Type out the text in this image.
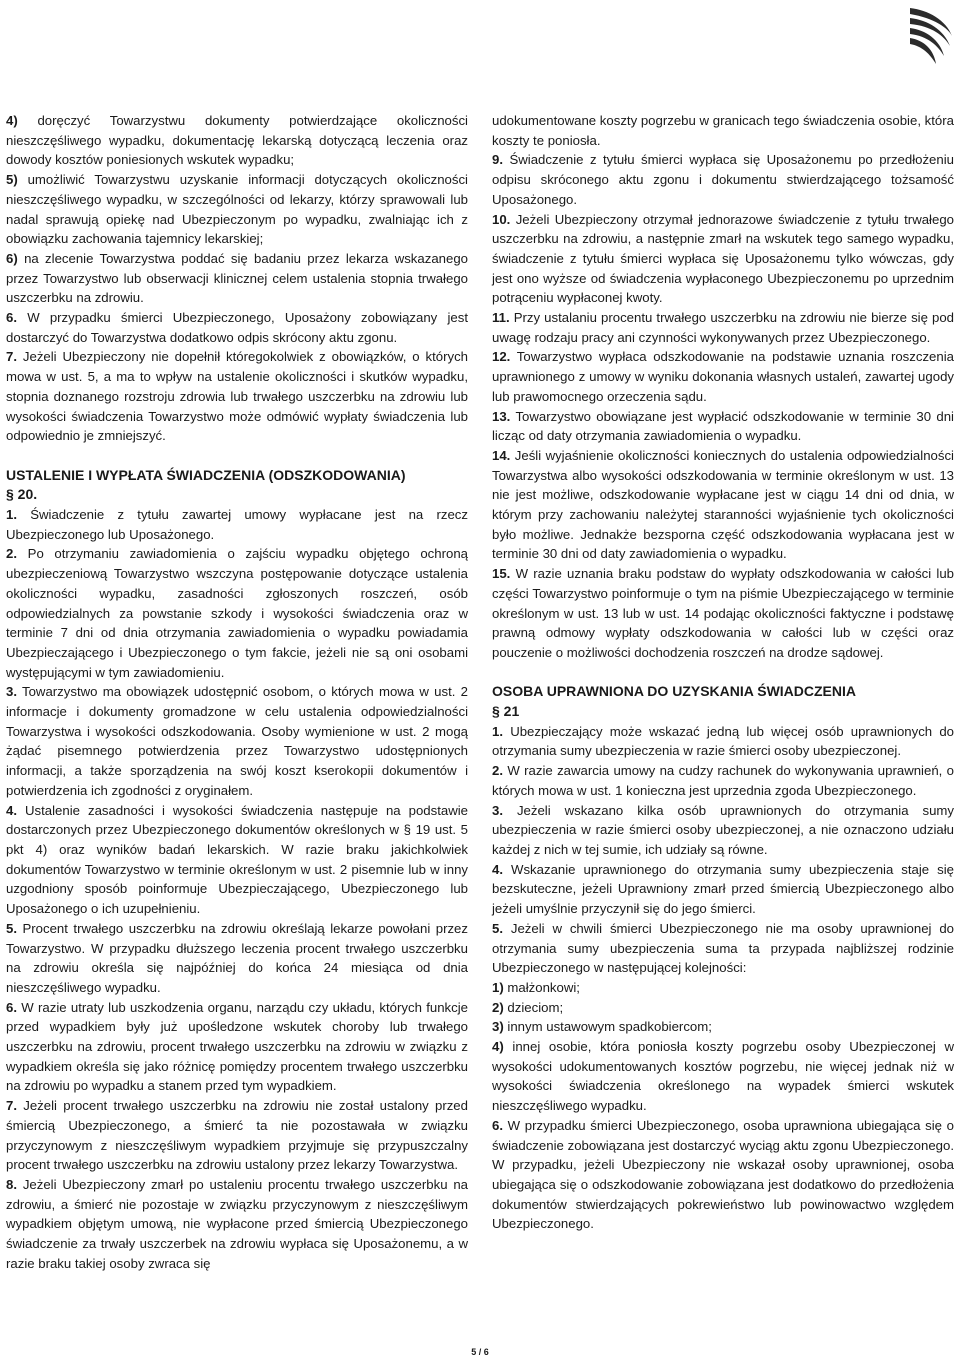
4) doręczyć Towarzystwu dokumenty potwierdzające okoliczności nieszczęśliwego wypadku, dokumentację lekarską dotyczącą leczenia oraz dowody kosztów poniesionych wskutek wypadku;

5) umożliwić Towarzystwu uzyskanie informacji dotyczących okoliczności nieszczęśliwego wypadku, w szczególności od lekarzy, którzy sprawowali lub nadal sprawują opiekę nad Ubezpieczonym po wypadku, zwalniając ich z obowiązku zachowania tajemnicy lekarskiej;

6) na zlecenie Towarzystwa poddać się badaniu przez lekarza wskazanego przez Towarzystwo lub obserwacji klinicznej celem ustalenia stopnia trwałego uszczerbku na zdrowiu.

6. W przypadku śmierci Ubezpieczonego, Uposażony zobowiązany jest dostarczyć do Towarzystwa dodatkowo odpis skrócony aktu zgonu.

7. Jeżeli Ubezpieczony nie dopełnił któregokolwiek z obowiązków, o których mowa w ust. 5, a ma to wpływ na ustalenie okoliczności i skutków wypadku, stopnia doznanego rozstroju zdrowia lub trwałego uszczerbku na zdrowiu lub wysokości świadczenia Towarzystwo może odmówić wypłaty świadczenia lub odpowiednio je zmniejszyć.

USTALENIE I WYPŁATA ŚWIADCZENIA (ODSZKODOWANIA)
§ 20.

1. Świadczenie z tytułu zawartej umowy wypłacane jest na rzecz Ubezpieczonego lub Uposażonego.

2. Po otrzymaniu zawiadomienia o zajściu wypadku objętego ochroną ubezpieczeniową Towarzystwo wszczyna postępowanie dotyczące ustalenia okoliczności wypadku, zasadności zgłoszonych roszczeń, osób odpowiedzialnych za powstanie szkody i wysokości świadczenia oraz w terminie 7 dni od dnia otrzymania zawiadomienia o wypadku powiadamia Ubezpieczającego i Ubezpieczonego o tym fakcie, jeżeli nie są oni osobami występującymi w tym zawiadomieniu.

3. Towarzystwo ma obowiązek udostępnić osobom, o których mowa w ust. 2 informacje i dokumenty gromadzone w celu ustalenia odpowiedzialności Towarzystwa i wysokości odszkodowania. Osoby wymienione w ust. 2 mogą żądać pisemnego potwierdzenia przez Towarzystwo udostępnionych informacji, a także sporządzenia na swój koszt kserokopii dokumentów i potwierdzenia ich zgodności z oryginałem.

4. Ustalenie zasadności i wysokości świadczenia następuje na podstawie dostarczonych przez Ubezpieczonego dokumentów określonych w § 19 ust. 5 pkt 4) oraz wyników badań lekarskich. W razie braku jakichkolwiek dokumentów Towarzystwo w terminie określonym w ust. 2 pisemnie lub w inny uzgodniony sposób poinformuje Ubezpieczającego, Ubezpieczonego lub Uposażonego o ich uzupełnieniu.

5. Procent trwałego uszczerbku na zdrowiu określają lekarze powołani przez Towarzystwo. W przypadku dłuższego leczenia procent trwałego uszczerbku na zdrowiu określa się najpóźniej do końca 24 miesiąca od dnia nieszczęśliwego wypadku.

6. W razie utraty lub uszkodzenia organu, narządu czy układu, których funkcje przed wypadkiem były już upośledzone wskutek choroby lub trwałego uszczerbku na zdrowiu, procent trwałego uszczerbku na zdrowiu w związku z wypadkiem określa się jako różnicę pomiędzy procentem trwałego uszczerbku na zdrowiu po wypadku a stanem przed tym wypadkiem.

7. Jeżeli procent trwałego uszczerbku na zdrowiu nie został ustalony przed śmiercią Ubezpieczonego, a śmierć ta nie pozostawała w związku przyczynowym z nieszczęśliwym wypadkiem przyjmuje się przypuszczalny procent trwałego uszczerbku na zdrowiu ustalony przez lekarzy Towarzystwa.

8. Jeżeli Ubezpieczony zmarł po ustaleniu procentu trwałego uszczerbku na zdrowiu, a śmierć nie pozostaje w związku przyczynowym z nieszczęśliwym wypadkiem objętym umową, nie wypłacone przed śmiercią Ubezpieczonego świadczenie za trwały uszczerbek na zdrowiu wypłaca się Uposażonemu, a w razie braku takiej osoby zwraca się

udokumentowane koszty pogrzebu w granicach tego świadczenia osobie, która koszty te poniosła.

9. Świadczenie z tytułu śmierci wypłaca się Uposażonemu po przedłożeniu odpisu skróconego aktu zgonu i dokumentu stwierdzającego tożsamość Uposażonego.

10. Jeżeli Ubezpieczony otrzymał jednorazowe świadczenie z tytułu trwałego uszczerbku na zdrowiu, a następnie zmarł na wskutek tego samego wypadku, świadczenie z tytułu śmierci wypłaca się Uposażonemu tylko wówczas, gdy jest ono wyższe od świadczenia wypłaconego Ubezpieczonemu po uprzednim potrąceniu wypłaconej kwoty.

11. Przy ustalaniu procentu trwałego uszczerbku na zdrowiu nie bierze się pod uwagę rodzaju pracy ani czynności wykonywanych przez Ubezpieczonego.

12. Towarzystwo wypłaca odszkodowanie na podstawie uznania roszczenia uprawnionego z umowy w wyniku dokonania własnych ustaleń, zawartej ugody lub prawomocnego orzeczenia sądu.

13. Towarzystwo obowiązane jest wypłacić odszkodowanie w terminie 30 dni licząc od daty otrzymania zawiadomienia o wypadku.

14. Jeśli wyjaśnienie okoliczności koniecznych do ustalenia odpowiedzialności Towarzystwa albo wysokości odszkodowania w terminie określonym w ust. 13 nie jest możliwe, odszkodowanie wypłacane jest w ciągu 14 dni od dnia, w którym przy zachowaniu należytej staranności wyjaśnienie tych okoliczności było możliwe. Jednakże bezsporna część odszkodowania wypłacana jest w terminie 30 dni od daty zawiadomienia o wypadku.

15. W razie uznania braku podstaw do wypłaty odszkodowania w całości lub części Towarzystwo poinformuje o tym na piśmie Ubezpieczającego w terminie określonym w ust. 13 lub w ust. 14 podając okoliczności faktyczne i podstawę prawną odmowy wypłaty odszkodowania w całości lub w części oraz pouczenie o możliwości dochodzenia roszczeń na drodze sądowej.

OSOBA UPRAWNIONA DO UZYSKANIA ŚWIADCZENIA
§ 21

1. Ubezpieczający może wskazać jedną lub więcej osób uprawnionych do otrzymania sumy ubezpieczenia w razie śmierci osoby ubezpieczonej.

2. W razie zawarcia umowy na cudzy rachunek do wykonywania uprawnień, o których mowa w ust. 1 konieczna jest uprzednia zgoda Ubezpieczonego.

3. Jeżeli wskazano kilka osób uprawnionych do otrzymania sumy ubezpieczenia w razie śmierci osoby ubezpieczonej, a nie oznaczono udziału każdej z nich w tej sumie, ich udziały są równe.

4. Wskazanie uprawnionego do otrzymania sumy ubezpieczenia staje się bezskuteczne, jeżeli Uprawniony zmarł przed śmiercią Ubezpieczonego albo jeżeli umyślnie przyczynił się do jego śmierci.

5. Jeżeli w chwili śmierci Ubezpieczonego nie ma osoby uprawnionej do otrzymania sumy ubezpieczenia suma ta przypada najbliższej rodzinie Ubezpieczonego w następującej kolejności:

1) małżonkowi;

2) dzieciom;

3) innym ustawowym spadkobiercom;

4) innej osobie, która poniosła koszty pogrzebu osoby Ubezpieczonej w wysokości udokumentowanych kosztów pogrzebu, nie więcej jednak niż w wysokości świadczenia określonego na wypadek śmierci wskutek nieszczęśliwego wypadku.

6. W przypadku śmierci Ubezpieczonego, osoba uprawniona ubiegająca się o świadczenie zobowiązana jest dostarczyć wyciąg aktu zgonu Ubezpieczonego. W przypadku, jeżeli Ubezpieczony nie wskazał osoby uprawnionej, osoba ubiegająca się o odszkodowanie zobowiązana jest dodatkowo do przedłożenia dokumentów stwierdzających pokrewieństwo lub powinowactwo względem Ubezpieczonego.

5 / 6
